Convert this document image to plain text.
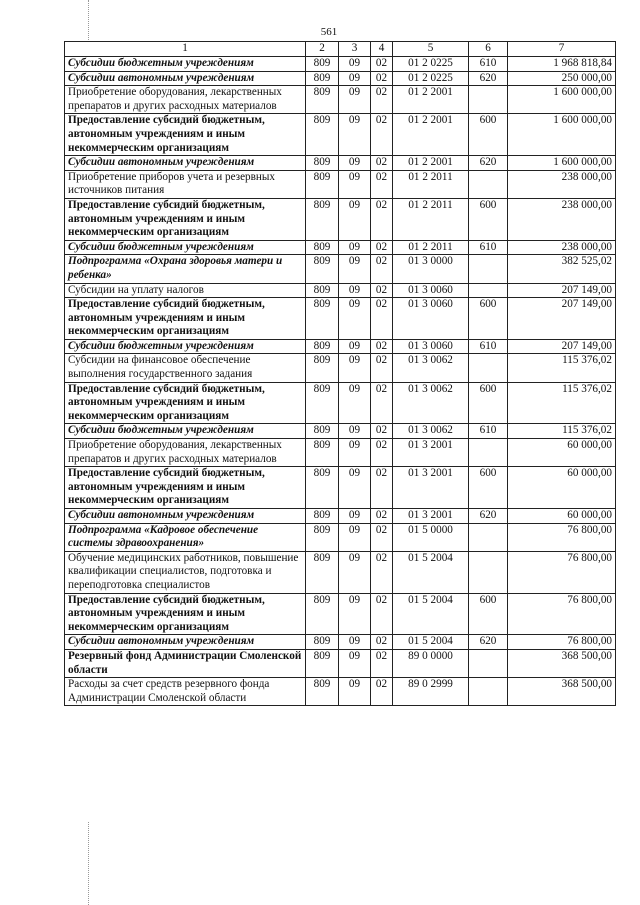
561
1	2	3	4	5	6	7
Субсидии бюджетным учреждениям	809	09	02	01 2 0225	610	1 968 818,84
Субсидии автономным учреждениям	809	09	02	01 2 0225	620	250 000,00
Приобретение оборудования, лекарственных препаратов и других расходных материалов	809	09	02	01 2 2001		1 600 000,00
Предоставление субсидий бюджетным, автономным учреждениям и иным некоммерческим организациям	809	09	02	01 2 2001	600	1 600 000,00
Субсидии автономным учреждениям	809	09	02	01 2 2001	620	1 600 000,00
Приобретение приборов учета и резервных источников питания	809	09	02	01 2 2011		238 000,00
Предоставление субсидий бюджетным, автономным учреждениям и иным некоммерческим организациям	809	09	02	01 2 2011	600	238 000,00
Субсидии бюджетным учреждениям	809	09	02	01 2 2011	610	238 000,00
Подпрограмма «Охрана здоровья матери и ребенка»	809	09	02	01 3 0000		382 525,02
Субсидии на уплату налогов	809	09	02	01 3 0060		207 149,00
Предоставление субсидий бюджетным, автономным учреждениям и иным некоммерческим организациям	809	09	02	01 3 0060	600	207 149,00
Субсидии бюджетным учреждениям	809	09	02	01 3 0060	610	207 149,00
Субсидии на финансовое обеспечение выполнения государственного задания	809	09	02	01 3 0062		115 376,02
Предоставление субсидий бюджетным, автономным учреждениям и иным некоммерческим организациям	809	09	02	01 3 0062	600	115 376,02
Субсидии бюджетным учреждениям	809	09	02	01 3 0062	610	115 376,02
Приобретение оборудования, лекарственных препаратов и других расходных материалов	809	09	02	01 3 2001		60 000,00
Предоставление субсидий бюджетным, автономным учреждениям и иным некоммерческим организациям	809	09	02	01 3 2001	600	60 000,00
Субсидии автономным учреждениям	809	09	02	01 3 2001	620	60 000,00
Подпрограмма «Кадровое обеспечение системы здравоохранения»	809	09	02	01 5 0000		76 800,00
Обучение медицинских работников, повышение квалификации специалистов, подготовка и переподготовка специалистов	809	09	02	01 5 2004		76 800,00
Предоставление субсидий бюджетным, автономным учреждениям и иным некоммерческим организациям	809	09	02	01 5 2004	600	76 800,00
Субсидии автономным учреждениям	809	09	02	01 5 2004	620	76 800,00
Резервный фонд Администрации Смоленской области	809	09	02	89 0 0000		368 500,00
Расходы за счет средств резервного фонда Администрации Смоленской области	809	09	02	89 0 2999		368 500,00
